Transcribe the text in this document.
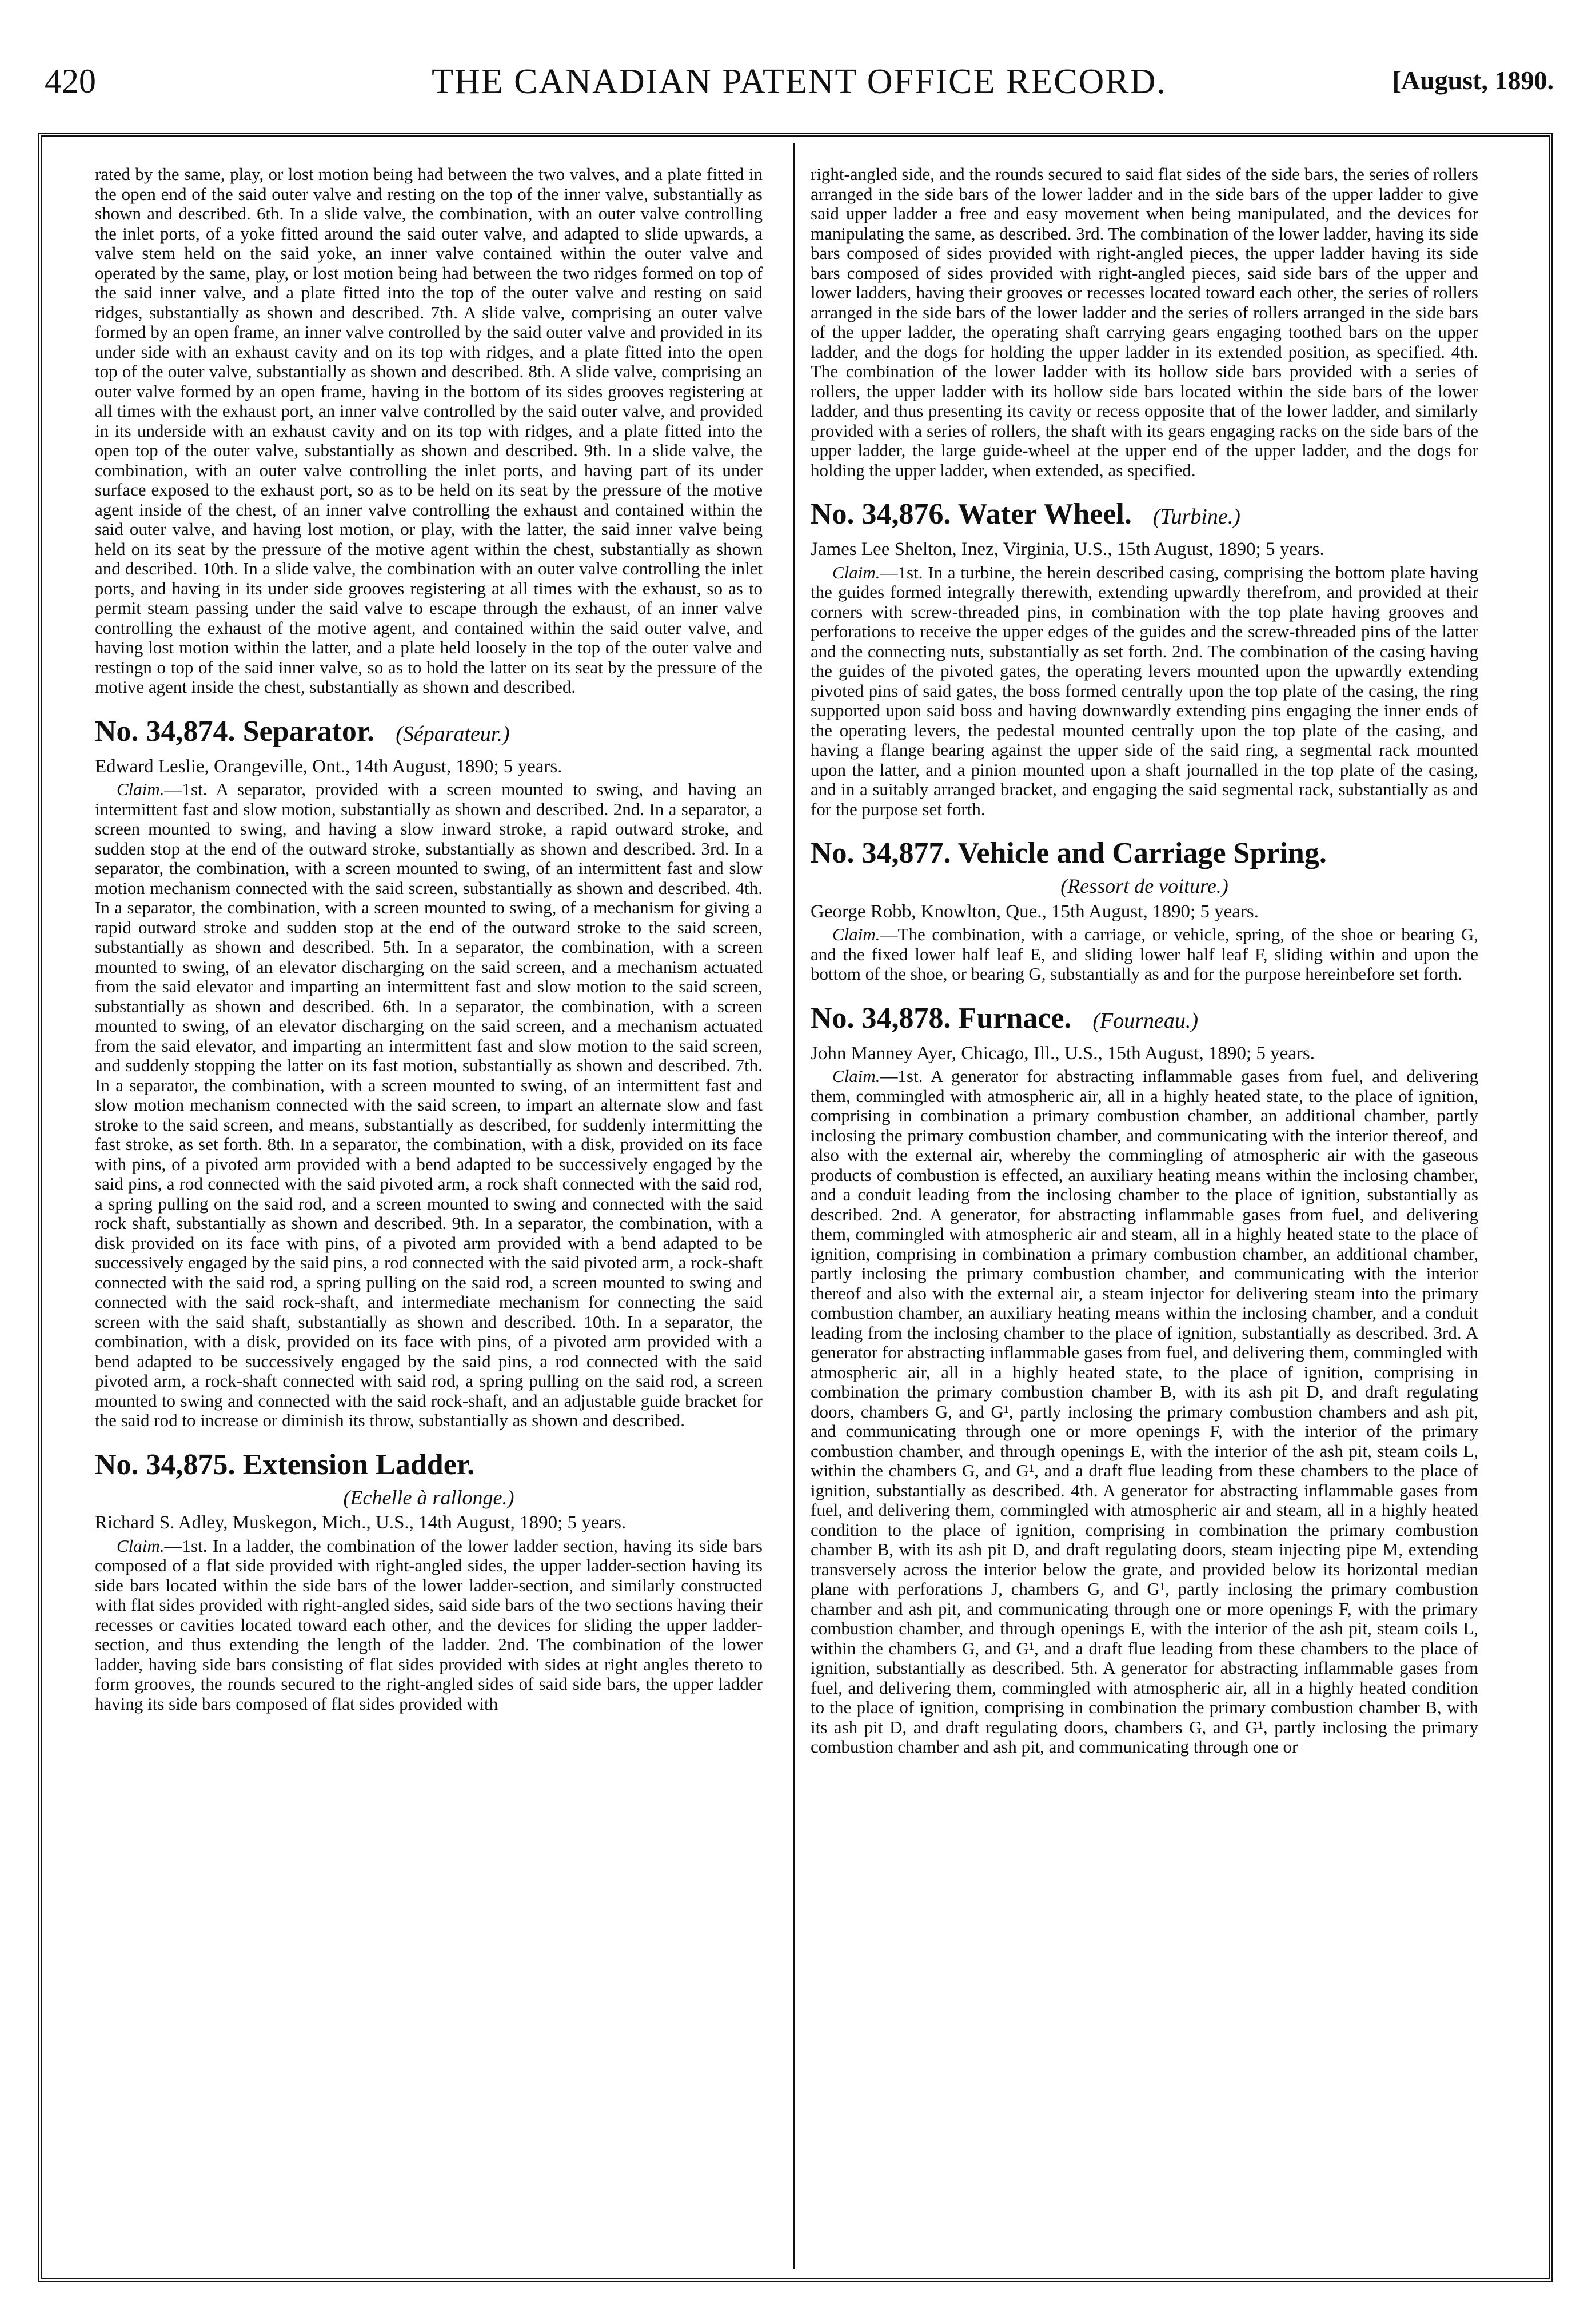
420	THE CANADIAN PATENT OFFICE RECORD.	[August, 1890.

rated by the same, play, or lost motion being had between the two valves, and a plate fitted in the open end of the said outer valve and resting on the top of the inner valve, substantially as shown and described. 6th. In a slide valve, the combination, with an outer valve controlling the inlet ports, of a yoke fitted around the said outer valve, and adapted to slide upwards, a valve stem held on the said yoke, an inner valve contained within the outer valve and operated by the same, play, or lost motion being had between the two ridges formed on top of the said inner valve, and a plate fitted into the top of the outer valve and resting on said ridges, substantially as shown and described. 7th. A slide valve, comprising an outer valve formed by an open frame, an inner valve controlled by the said outer valve and provided in its under side with an exhaust cavity and on its top with ridges, and a plate fitted into the open top of the outer valve, substantially as shown and described. 8th. A slide valve, comprising an outer valve formed by an open frame, having in the bottom of its sides grooves registering at all times with the exhaust port, an inner valve controlled by the said outer valve, and provided in its underside with an exhaust cavity and on its top with ridges, and a plate fitted into the open top of the outer valve, substantially as shown and described. 9th. In a slide valve, the combination, with an outer valve controlling the inlet ports, and having part of its under surface exposed to the exhaust port, so as to be held on its seat by the pressure of the motive agent inside of the chest, of an inner valve controlling the exhaust and contained within the said outer valve, and having lost motion, or play, with the latter, the said inner valve being held on its seat by the pressure of the motive agent within the chest, substantially as shown and described. 10th. In a slide valve, the combination with an outer valve controlling the inlet ports, and having in its under side grooves registering at all times with the exhaust, so as to permit steam passing under the said valve to escape through the exhaust, of an inner valve controlling the exhaust of the motive agent, and contained within the said outer valve, and having lost motion within the latter, and a plate held loosely in the top of the outer valve and restingn o top of the said inner valve, so as to hold the latter on its seat by the pressure of the motive agent inside the chest, substantially as shown and described.

No. 34,874. Separator. (Séparateur.)
Edward Leslie, Orangeville, Ont., 14th August, 1890; 5 years.

Claim.—1st. A separator, provided with a screen mounted to swing, and having an intermittent fast and slow motion, substantially as shown and described. 2nd. In a separator, a screen mounted to swing, and having a slow inward stroke, a rapid outward stroke, and sudden stop at the end of the outward stroke, substantially as shown and described. 3rd. In a separator, the combination, with a screen mounted to swing, of an intermittent fast and slow motion mechanism connected with the said screen, substantially as shown and described. 4th. In a separator, the combination, with a screen mounted to swing, of a mechanism for giving a rapid outward stroke and sudden stop at the end of the outward stroke to the said screen, substantially as shown and described. 5th. In a separator, the combination, with a screen mounted to swing, of an elevator discharging on the said screen, and a mechanism actuated from the said elevator and imparting an intermittent fast and slow motion to the said screen, substantially as shown and described. 6th. In a separator, the combination, with a screen mounted to swing, of an elevator discharging on the said screen, and a mechanism actuated from the said elevator, and imparting an intermittent fast and slow motion to the said screen, and suddenly stopping the latter on its fast motion, substantially as shown and described. 7th. In a separator, the combination, with a screen mounted to swing, of an intermittent fast and slow motion mechanism connected with the said screen, to impart an alternate slow and fast stroke to the said screen, and means, substantially as described, for suddenly intermitting the fast stroke, as set forth. 8th. In a separator, the combination, with a disk, provided on its face with pins, of a pivoted arm provided with a bend adapted to be successively engaged by the said pins, a rod connected with the said pivoted arm, a rock shaft connected with the said rod, a spring pulling on the said rod, and a screen mounted to swing and connected with the said rock shaft, substantially as shown and described. 9th. In a separator, the combination, with a disk provided on its face with pins, of a pivoted arm provided with a bend adapted to be successively engaged by the said pins, a rod connected with the said pivoted arm, a rock-shaft connected with the said rod, a spring pulling on the said rod, a screen mounted to swing and connected with the said rock-shaft, and intermediate mechanism for connecting the said screen with the said shaft, substantially as shown and described. 10th. In a separator, the combination, with a disk, provided on its face with pins, of a pivoted arm provided with a bend adapted to be successively engaged by the said pins, a rod connected with the said pivoted arm, a rock-shaft connected with said rod, a spring pulling on the said rod, a screen mounted to swing and connected with the said rock-shaft, and an adjustable guide bracket for the said rod to increase or diminish its throw, substantially as shown and described.

No. 34,875. Extension Ladder.
(Echelle à rallonge.)
Richard S. Adley, Muskegon, Mich., U.S., 14th August, 1890; 5 years.

Claim.—1st. In a ladder, the combination of the lower ladder section, having its side bars composed of a flat side provided with right-angled sides, the upper ladder-section having its side bars located within the side bars of the lower ladder-section, and similarly constructed with flat sides provided with right-angled sides, said side bars of the two sections having their recesses or cavities located toward each other, and the devices for sliding the upper ladder-section, and thus extending the length of the ladder. 2nd. The combination of the lower ladder, having side bars consisting of flat sides provided with sides at right angles thereto to form grooves, the rounds secured to the right-angled sides of said side bars, the upper ladder having its side bars composed of flat sides provided with

right-angled side, and the rounds secured to said flat sides of the side bars, the series of rollers arranged in the side bars of the lower ladder and in the side bars of the upper ladder to give said upper ladder a free and easy movement when being manipulated, and the devices for manipulating the same, as described. 3rd. The combination of the lower ladder, having its side bars composed of sides provided with right-angled pieces, the upper ladder having its side bars composed of sides provided with right-angled pieces, said side bars of the upper and lower ladders, having their grooves or recesses located toward each other, the series of rollers arranged in the side bars of the lower ladder and the series of rollers arranged in the side bars of the upper ladder, the operating shaft carrying gears engaging toothed bars on the upper ladder, and the dogs for holding the upper ladder in its extended position, as specified. 4th. The combination of the lower ladder with its hollow side bars provided with a series of rollers, the upper ladder with its hollow side bars located within the side bars of the lower ladder, and thus presenting its cavity or recess opposite that of the lower ladder, and similarly provided with a series of rollers, the shaft with its gears engaging racks on the side bars of the upper ladder, the large guide-wheel at the upper end of the upper ladder, and the dogs for holding the upper ladder, when extended, as specified.

No. 34,876. Water Wheel. (Turbine.)
James Lee Shelton, Inez, Virginia, U.S., 15th August, 1890; 5 years.

Claim.—1st. In a turbine, the herein described casing, comprising the bottom plate having the guides formed integrally therewith, extending upwardly therefrom, and provided at their corners with screw-threaded pins, in combination with the top plate having grooves and perforations to receive the upper edges of the guides and the screw-threaded pins of the latter and the connecting nuts, substantially as set forth. 2nd. The combination of the casing having the guides of the pivoted gates, the operating levers mounted upon the upwardly extending pivoted pins of said gates, the boss formed centrally upon the top plate of the casing, the ring supported upon said boss and having downwardly extending pins engaging the inner ends of the operating levers, the pedestal mounted centrally upon the top plate of the casing, and having a flange bearing against the upper side of the said ring, a segmental rack mounted upon the latter, and a pinion mounted upon a shaft journalled in the top plate of the casing, and in a suitably arranged bracket, and engaging the said segmental rack, substantially as and for the purpose set forth.

No. 34,877. Vehicle and Carriage Spring.
(Ressort de voiture.)
George Robb, Knowlton, Que., 15th August, 1890; 5 years.

Claim.—The combination, with a carriage, or vehicle, spring, of the shoe or bearing G, and the fixed lower half leaf E, and sliding lower half leaf F, sliding within and upon the bottom of the shoe, or bearing G, substantially as and for the purpose hereinbefore set forth.

No. 34,878. Furnace. (Fourneau.)
John Manney Ayer, Chicago, Ill., U.S., 15th August, 1890; 5 years.

Claim.—1st. A generator for abstracting inflammable gases from fuel, and delivering them, commingled with atmospheric air, all in a highly heated state, to the place of ignition, comprising in combination a primary combustion chamber, an additional chamber, partly inclosing the primary combustion chamber, and communicating with the interior thereof, and also with the external air, whereby the commingling of atmospheric air with the gaseous products of combustion is effected, an auxiliary heating means within the inclosing chamber, and a conduit leading from the inclosing chamber to the place of ignition, substantially as described. 2nd. A generator, for abstracting inflammable gases from fuel, and delivering them, commingled with atmospheric air and steam, all in a highly heated state to the place of ignition, comprising in combination a primary combustion chamber, an additional chamber, partly inclosing the primary combustion chamber, and communicating with the interior thereof and also with the external air, a steam injector for delivering steam into the primary combustion chamber, an auxiliary heating means within the inclosing chamber, and a conduit leading from the inclosing chamber to the place of ignition, substantially as described. 3rd. A generator for abstracting inflammable gases from fuel, and delivering them, commingled with atmospheric air, all in a highly heated state, to the place of ignition, comprising in combination the primary combustion chamber B, with its ash pit D, and draft regulating doors, chambers G, and G¹, partly inclosing the primary combustion chambers and ash pit, and communicating through one or more openings F, with the interior of the primary combustion chamber, and through openings E, with the interior of the ash pit, steam coils L, within the chambers G, and G¹, and a draft flue leading from these chambers to the place of ignition, substantially as described. 4th. A generator for abstracting inflammable gases from fuel, and delivering them, commingled with atmospheric air and steam, all in a highly heated condition to the place of ignition, comprising in combination the primary combustion chamber B, with its ash pit D, and draft regulating doors, steam injecting pipe M, extending transversely across the interior below the grate, and provided below its horizontal median plane with perforations J, chambers G, and G¹, partly inclosing the primary combustion chamber and ash pit, and communicating through one or more openings F, with the primary combustion chamber, and through openings E, with the interior of the ash pit, steam coils L, within the chambers G, and G¹, and a draft flue leading from these chambers to the place of ignition, substantially as described. 5th. A generator for abstracting inflammable gases from fuel, and delivering them, commingled with atmospheric air, all in a highly heated condition to the place of ignition, comprising in combination the primary combustion chamber B, with its ash pit D, and draft regulating doors, chambers G, and G¹, partly inclosing the primary combustion chamber and ash pit, and communicating through one or
